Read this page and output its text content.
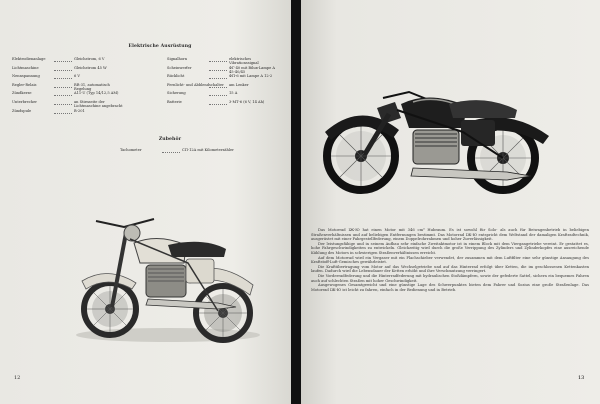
Elektrische Ausrüstung
Elektrodienanlage	Gleichstrom, 6 V
Lichtmaschine	Gleichstrom 45 W
Nennspannung	6 V
Regler-Relais	RR-31, automatisch Regelung
Zündkerze	A11-U (Typ 14/12,5 AM)
Unterbrecher	an Stirnseite der Lichtmaschine angebracht
Zündspule	B-201
Signalhorn	elektrisches Vibrationssignal
Scheinwerfer	ФГ-40 mit Bilux-Lampe A 45-40/45
Rücklicht	ФП-6 mit Lampe A 12-2
Fernlicht- und Abblendschalter	am Lenker
Sicherung	15 A
Batterie	3-МТ-6 (6 V, 14 Ah)
Zubehör
Tachometer	СП-12A mit Kilometerzähler
12

Das Motorrad IЖ-Ю hat einen Motor mit 346 cm³ Hubraum. Es ist sowohl für Solo- als auch für Beiwagenbetrieb in beliebigen Straßenverhältnissen und auf beliebigen Entfernungen bestimmt. Das Motorrad IЖ-Ю entspricht dem Weltstand der damaligen Kraftradtechnik, ausgerüstet mit einer Fahrgestellfederung, einem Doppelrohrrahmen und hoher Zuverlässigkeit.

Der leistungsfähige und in seinem Aufbau sehr einfache Zweitaktmotor ist in einem Block mit dem Viergangetriebe vereint. Er gestattet es, hohe Fahrgeschwindigkeiten zu entwickeln. Gleichzeitig wird durch die große Verrippung des Zylinders und Zylinderkopfes eine ausreichende Kühlung des Motors in schwierigen Straßenverhältnissen erreicht.

Auf dem Motorrad wird ein Vergaser mit ein Flachschieber verwendet, der zusammen mit dem Luftfilter eine sehr günstige Ansaugung des Kraftstoff-Luft-Gemisches gewährleistet.

Die Kraftübertragung vom Motor auf das Wechselgetriebe und auf das Hinterrad erfolgt über Ketten, die im geschlossenen Kettenkasten laufen. Dadurch wird die Lebensdauer der Ketten erhöht und ihre Verschmutzung verringert.

Die Vorderradfederung und die Hinterradfederung mit hydraulischen Stoßdämpfern, sowie der gefederte Sattel, sichern ein bequemes Fahren auch auf schlechten Straßen mit hoher Geschwindigkeit.

Ausgewogenes Gesamtgewicht und eine günstige Lage des Schwerpunktes bieten dem Fahrer und Sozius eine große Straßenlage. Das Motorrad IЖ-Ю ist leicht zu fahren, einfach in der Bedienung und in Betrieb.

13
